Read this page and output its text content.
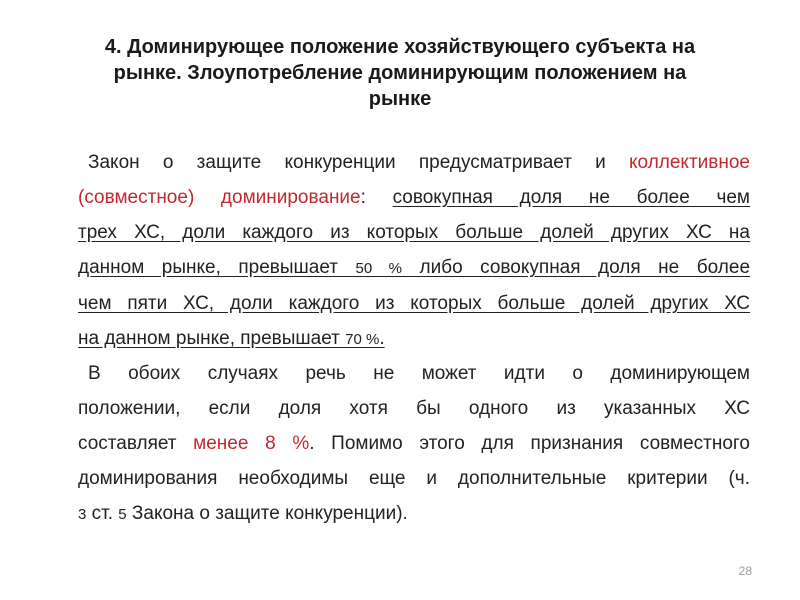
4. Доминирующее положение хозяйствующего субъекта на
рынке. Злоупотребление доминирующим положением на
рынке
Закон о защите конкуренции предусматривает и коллективное
(совместное) доминирование: совокупная доля не более чем
трех ХС, доли каждого из которых больше долей других ХС на
данном рынке, превышает 50 % либо совокупная доля не более
чем пяти ХС, доли каждого из которых больше долей других ХС
на данном рынке, превышает 70 %.
В обоих случаях речь не может идти о доминирующем
положении, если доля хотя бы одного из указанных ХС
составляет менее 8 %. Помимо этого для признания совместного
доминирования необходимы еще и дополнительные критерии (ч.
3 ст. 5 Закона о защите конкуренции).
28
